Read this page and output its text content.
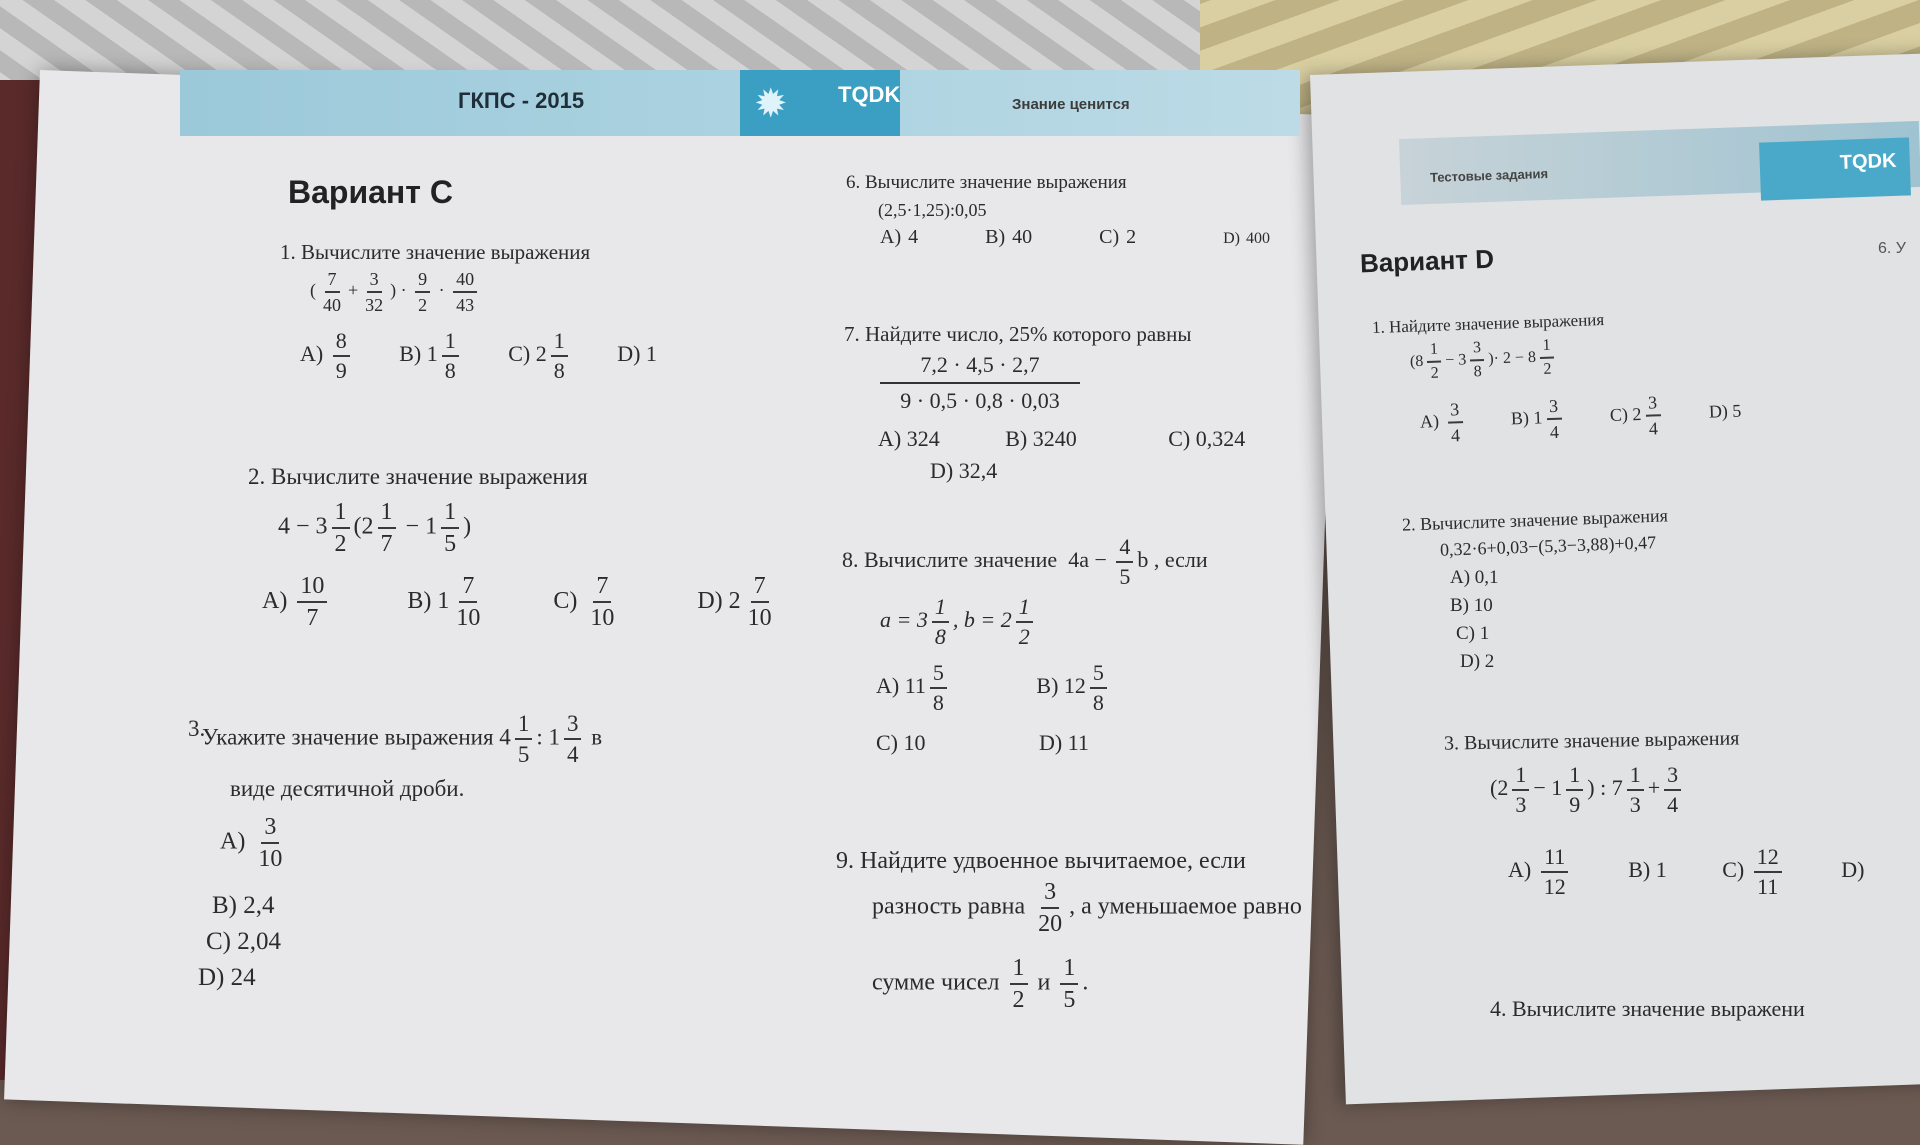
ГКПС - 2015	✹ TQDK	Знание ценится
Вариант С
1. Вычислите значение выражения
( $\frac{7}{40} + \frac{3}{32}$ ) · $\frac{9}{2} \cdot \frac{40}{43}$
$A) \frac{8}{9} B$) $1 \frac{1}{8} C$) $2 \frac{1}{8} D$) 1
2. Вычислите значение выражения
$4 - 3 \frac{1}{2} (2 \frac{1}{7} - 1 \frac{1}{5}$ )
$A) \frac{10}{7}$	B) $1 \frac{7}{10}$	$C) \frac{7}{10}$	D) $2 \frac{7}{10}$
Укажите значение выражения $4 \frac{1}{5}$ : $1 \frac{3}{4}$ в
3.
виде десятичной дроби.
$A) \frac{3}{10}$
B) 2,4
C) 2,04
D) 24
6. Вычислите значение выражения
(2,5·1,25):0,05
A) 4	B) 40	C) 2	D) 400
7. Найдите число, 25% которого равны
$\frac{7,2 \cdot 4,5 \cdot 2,7}{9 \cdot 0,5 \cdot 0,8 \cdot 0,03}$
A) 324	B) 3240	C) 0,324
D) 32,4
8. Вычислите значение  $4a - \frac{4}{5}$ b , если
$a = 3 \frac{1}{8}$ , $b = 2 \frac{1}{2}$
A) $11 \frac{5}{8}$	B) $12 \frac{5}{8}$
C) 10	D) 11
9. Найдите удвоенное вычитаемое, если
разность равна $\frac{3}{20}$ , а уменьшаемое равно
сумме чисел $\frac{1}{2}$ и $\frac{1}{5}$ .
Тестовые задания
TQDK
Вариант D	6. У
1. Найдите значение выражения
($8 \frac{1}{2} - 3 \frac{3}{8}$ )· $2 - 8 \frac{1}{2}$
$A) \frac{3}{4}$	B) $1 \frac{3}{4}$	C) $2 \frac{3}{4}$	D) 5
2. Вычислите значение выражения
0,32·6+0,03−(5,3−3,88)+0,47
A) 0,1
B) 10
C) 1
D) 2
3. Вычислите значение выражения
($2 \frac{1}{3} - 1 \frac{1}{9}$ ) : $7 \frac{1}{3} + \frac{3}{4}$
$A) \frac{11}{12}$	B) 1	$C) \frac{12}{11}$	D)
4. Вычислите значение выражени
